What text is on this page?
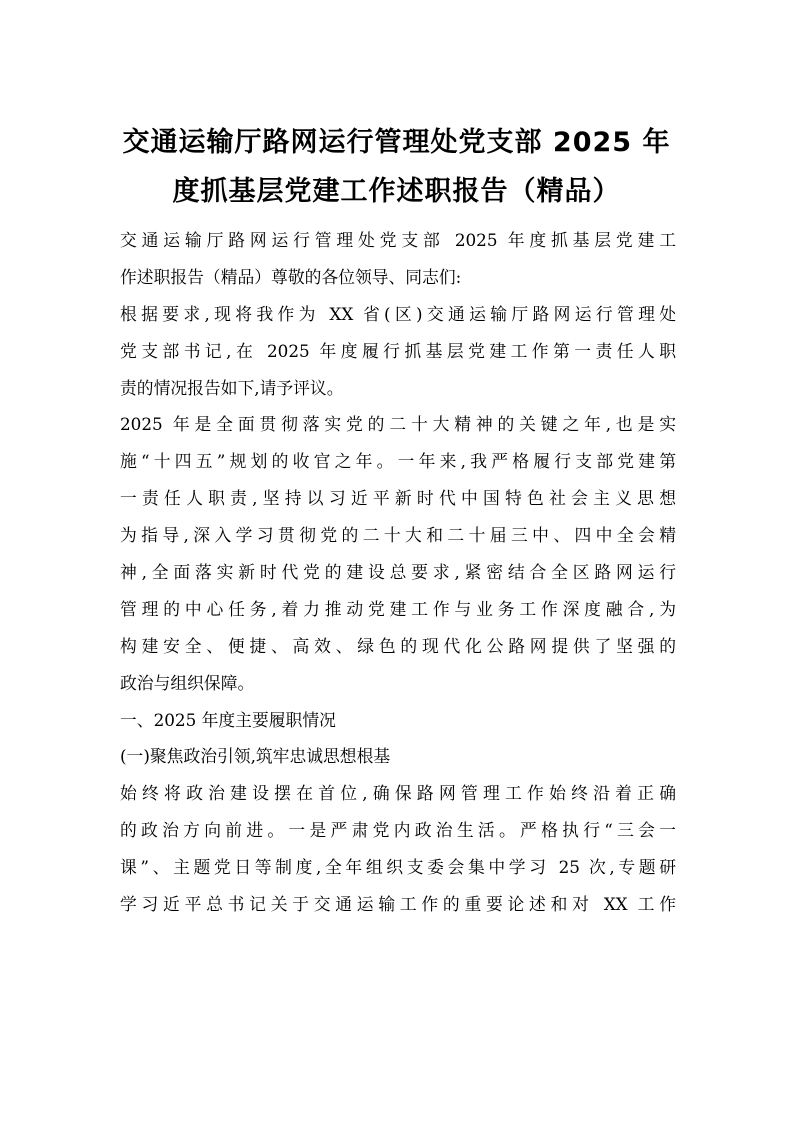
交通运输厅路网运行管理处党支部 2025 年
度抓基层党建工作述职报告（精品）
交通运输厅路网运行管理处党支部 2025 年度抓基层党建工
作述职报告（精品）尊敬的各位领导、同志们:
根据要求,现将我作为 XX 省(区)交通运输厅路网运行管理处
党支部书记,在 2025 年度履行抓基层党建工作第一责任人职
责的情况报告如下,请予评议。
2025 年是全面贯彻落实党的二十大精神的关键之年,也是实
施“十四五”规划的收官之年。一年来,我严格履行支部党建第
一责任人职责,坚持以习近平新时代中国特色社会主义思想
为指导,深入学习贯彻党的二十大和二十届三中、四中全会精
神,全面落实新时代党的建设总要求,紧密结合全区路网运行
管理的中心任务,着力推动党建工作与业务工作深度融合,为
构建安全、便捷、高效、绿色的现代化公路网提供了坚强的
政治与组织保障。
一、2025 年度主要履职情况
(一)聚焦政治引领,筑牢忠诚思想根基
始终将政治建设摆在首位,确保路网管理工作始终沿着正确
的政治方向前进。一是严肃党内政治生活。严格执行“三会一
课”、主题党日等制度,全年组织支委会集中学习 25 次,专题研
学习近平总书记关于交通运输工作的重要论述和对 XX 工作
